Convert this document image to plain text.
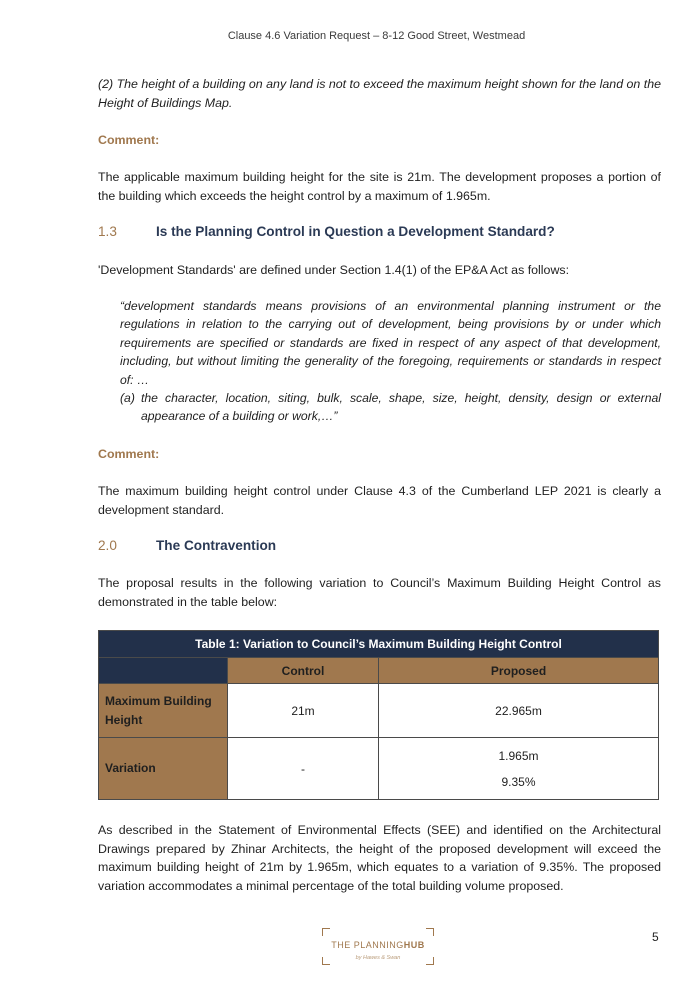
Clause 4.6 Variation Request – 8-12 Good Street, Westmead
(2) The height of a building on any land is not to exceed the maximum height shown for the land on the Height of Buildings Map.
Comment:
The applicable maximum building height for the site is 21m. The development proposes a portion of the building which exceeds the height control by a maximum of 1.965m.
1.3	Is the Planning Control in Question a Development Standard?
'Development Standards' are defined under Section 1.4(1) of the EP&A Act as follows:
“development standards means provisions of an environmental planning instrument or the regulations in relation to the carrying out of development, being provisions by or under which requirements are specified or standards are fixed in respect of any aspect of that development, including, but without limiting the generality of the foregoing, requirements or standards in respect of: …
(a) the character, location, siting, bulk, scale, shape, size, height, density, design or external appearance of a building or work,…”
Comment:
The maximum building height control under Clause 4.3 of the Cumberland LEP 2021 is clearly a development standard.
2.0	The Contravention
The proposal results in the following variation to Council’s Maximum Building Height Control as demonstrated in the table below:
Table 1: Variation to Council’s Maximum Building Height Control		
	Control	Proposed
Maximum Building Height	21m	22.965m
Variation	-	1.965m
9.35%
As described in the Statement of Environmental Effects (SEE) and identified on the Architectural Drawings prepared by Zhinar Architects, the height of the proposed development will exceed the maximum building height of 21m by 1.965m, which equates to a variation of 9.35%. The proposed variation accommodates a minimal percentage of the total building volume proposed.
THE PLANNINGHUB
by Hawes & Swan
5
